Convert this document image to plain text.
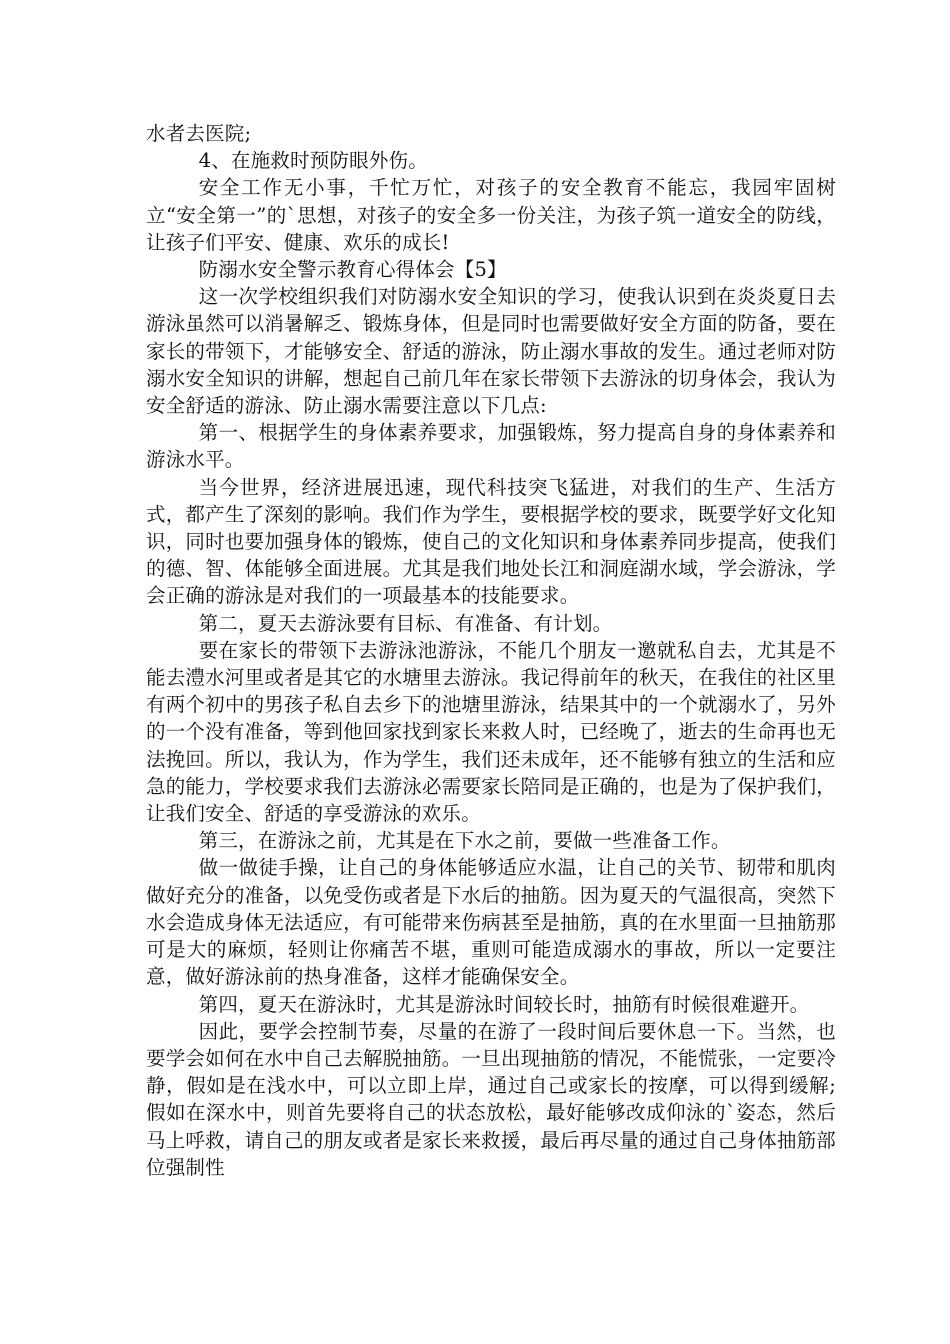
水者去医院;

4、在施救时预防眼外伤。

安全工作无小事，千忙万忙，对孩子的安全教育不能忘，我园牢固树立“安全第一”的`思想，对孩子的安全多一份关注，为孩子筑一道安全的防线，让孩子们平安、健康、欢乐的成长!

防溺水安全警示教育心得体会【5】

这一次学校组织我们对防溺水安全知识的学习，使我认识到在炎炎夏日去游泳虽然可以消暑解乏、锻炼身体，但是同时也需要做好安全方面的防备，要在家长的带领下，才能够安全、舒适的游泳，防止溺水事故的发生。通过老师对防溺水安全知识的讲解，想起自己前几年在家长带领下去游泳的切身体会，我认为安全舒适的游泳、防止溺水需要注意以下几点:

第一、根据学生的身体素养要求，加强锻炼，努力提高自身的身体素养和游泳水平。

当今世界，经济进展迅速，现代科技突飞猛进，对我们的生产、生活方式，都产生了深刻的影响。我们作为学生，要根据学校的要求，既要学好文化知识，同时也要加强身体的锻炼，使自己的文化知识和身体素养同步提高，使我们的德、智、体能够全面进展。尤其是我们地处长江和洞庭湖水域，学会游泳，学会正确的游泳是对我们的一项最基本的技能要求。

第二，夏天去游泳要有目标、有准备、有计划。

要在家长的带领下去游泳池游泳，不能几个朋友一邀就私自去，尤其是不能去澧水河里或者是其它的水塘里去游泳。我记得前年的秋天，在我住的社区里有两个初中的男孩子私自去乡下的池塘里游泳，结果其中的一个就溺水了，另外的一个没有准备，等到他回家找到家长来救人时，已经晚了，逝去的生命再也无法挽回。所以，我认为，作为学生，我们还未成年，还不能够有独立的生活和应急的能力，学校要求我们去游泳必需要家长陪同是正确的，也是为了保护我们，让我们安全、舒适的享受游泳的欢乐。

第三，在游泳之前，尤其是在下水之前，要做一些准备工作。

做一做徒手操，让自己的身体能够适应水温，让自己的关节、韧带和肌肉做好充分的准备，以免受伤或者是下水后的抽筋。因为夏天的气温很高，突然下水会造成身体无法适应，有可能带来伤病甚至是抽筋，真的在水里面一旦抽筋那可是大的麻烦，轻则让你痛苦不堪，重则可能造成溺水的事故，所以一定要注意，做好游泳前的热身准备，这样才能确保安全。

第四，夏天在游泳时，尤其是游泳时间较长时，抽筋有时候很难避开。

因此，要学会控制节奏，尽量的在游了一段时间后要休息一下。当然，也要学会如何在水中自己去解脱抽筋。一旦出现抽筋的情况，不能慌张，一定要冷静，假如是在浅水中，可以立即上岸，通过自己或家长的按摩，可以得到缓解;假如在深水中，则首先要将自己的状态放松，最好能够改成仰泳的`姿态，然后马上呼救，请自己的朋友或者是家长来救援，最后再尽量的通过自己身体抽筋部位强制性
